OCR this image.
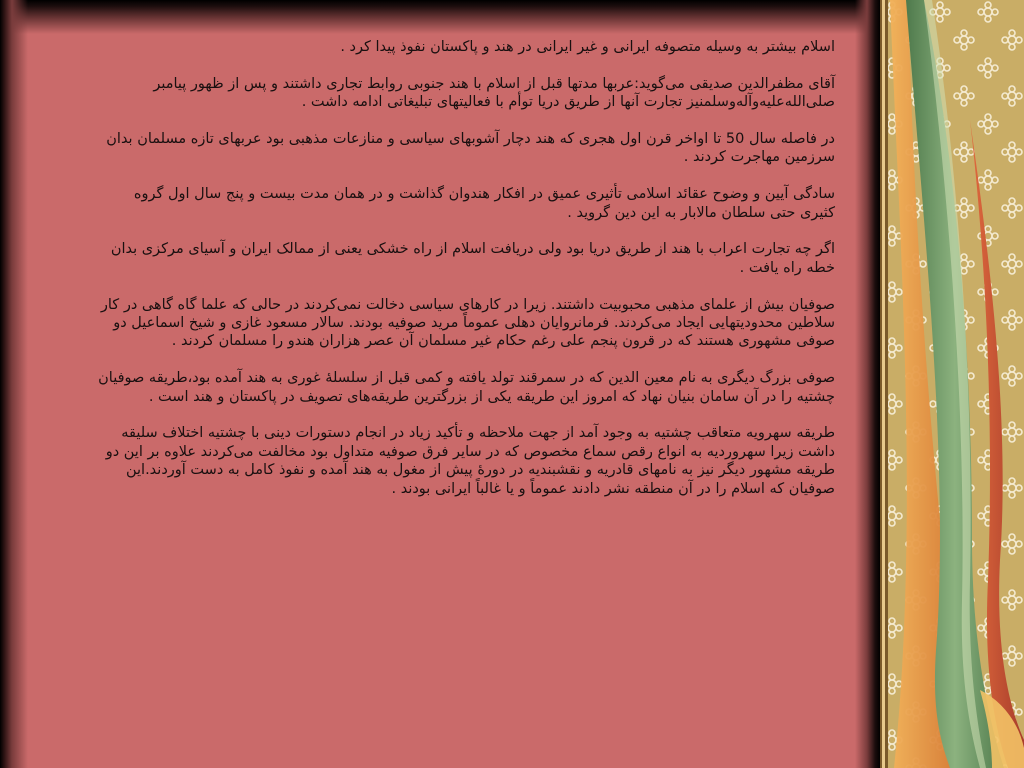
اسلام بیشتر به وسیله متصوفه ایرانی و غیر ایرانی در هند و پاکستان نفوذ پیدا کرد .

آقای مظفرالدین صدیقی می‌گوید:عربها مدتها قبل از اسلام با هند جنوبی روابط تجاری داشتند و پس از ظهور پیامبر صلی‌الله‌علیه‌وآله‌وسلمنیز تجارت آنها از طریق دریا توأم با فعالیتهای تبلیغاتی ادامه داشت .

در فاصله سال 50 تا اواخر قرن اول هجری که هند دچار آشوبهای سیاسی و منازعات مذهبی بود عربهای تازه مسلمان بدان سرزمین مهاجرت کردند .

سادگی آیین و وضوح عقائد اسلامی تأثیری عمیق در افکار هندوان گذاشت و در همان مدت بیست و پنج سال اول گروه کثیری حتی سلطان مالابار به این دین گروید .

اگر چه تجارت اعراب با هند از طریق دریا بود ولی دریافت اسلام از راه خشکی یعنی از ممالک ایران و آسیای مرکزی بدان خطه راه یافت .

صوفیان بیش از علمای مذهبی محبوبیت داشتند. زیرا در کارهای سیاسی دخالت نمی‌کردند در حالی که علما گاه گاهی در کار سلاطین محدودیتهایی ایجاد می‌کردند. فرمانروایان دهلی عموماً مرید صوفیه بودند. سالار مسعود غازی و شیخ اسماعیل دو صوفی مشهوری هستند که در قرون پنجم علی رغم حکام غیر مسلمان آن عصر هزاران هندو را مسلمان کردند .

صوفی بزرگ دیگری به نام معین الدین که در سمرقند تولد یافته و کمی قبل از سلسلهٔ غوری به هند آمده بود،طریقه صوفیان چشتیه را در آن سامان بنیان نهاد که امروز این طریقه یکی از بزرگترین طریقه‌های تصویف در پاکستان و هند است .

طریقه سهرویه متعاقب چشتیه به وجود آمد از جهت ملاحظه و تأکید زیاد در انجام دستورات دینی با چشتیه اختلاف سلیقه داشت زیرا سهروردیه به انواع رقص سماع مخصوص که در سایر فرق صوفیه متداول بود مخالفت می‌کردند علاوه بر این دو طریقه مشهور دیگر نیز به نامهای قادریه و نقشبندیه در دورهٔ پیش از مغول به هند آمده و نفوذ کامل به دست آوردند.این صوفیان که اسلام را در آن منطقه نشر دادند عموماً و یا غالباً ایرانی بودند .
